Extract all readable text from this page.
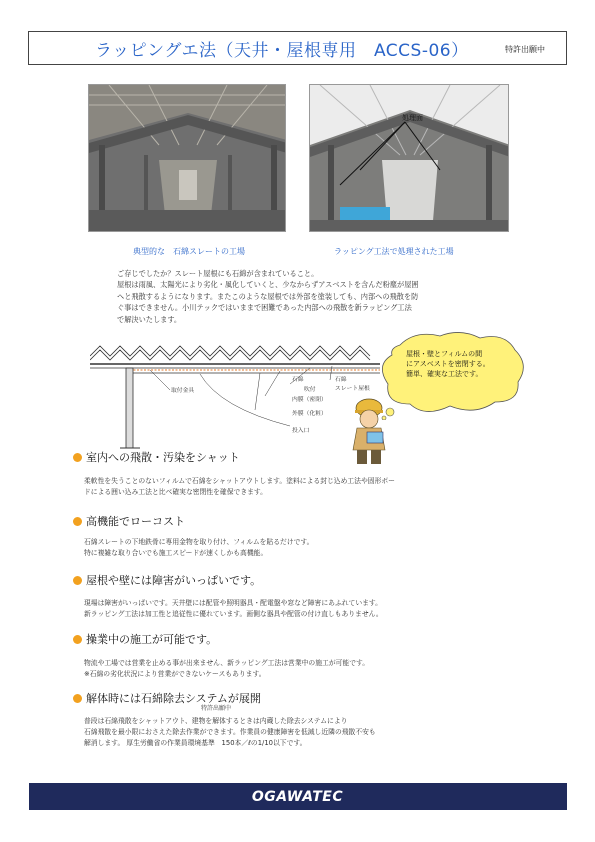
ラッピングエ法（天井・屋根専用　ACCS-06）	特許出願中
処理面
典型的な　石綿スレートの工場	ラッピング工法で処理された工場
ご存じでしたか？スレート屋根にも石綿が含まれていること。
屋根は雨風、太陽光により劣化・風化していくと、少なからずアスベストを含んだ粉塵が屋囲
へと飛散するようになります。またこのような屋根では外部を塗装しても、内部への飛散を防
ぐ事はできません。小川テックではいままで困難であった内部への飛散を新ラッピング工法
で解決いたします。
取付金具
石綿
吹付
石綿
スレート屋根
内膜（密閉）
外膜（化粧）
投入口
屋根・壁とフィルムの間
にアスベストを密閉する。
簡単、確実な工法です。
室内への飛散・汚染をシャット
柔軟性を失うことのないフィルムで石綿をシャットアウトします。塗料による封じ込め工法や固形ボー
ドによる囲い込み工法と比べ確実な密閉性を確保できます。
高機能でローコスト
石綿スレートの下地鉄骨に専用金物を取り付け、フィルムを貼るだけです。
特に複雑な取り合いでも施工スピードが速くしかも高機能。
屋根や壁には障害がいっぱいです。
現場は障害がいっぱいです。天井壁には配管や照明器具・配電盤や窓など障害にあふれています。
新ラッピング工法は加工性と追従性に優れています。画側な器具や配管の付け直しもありません。
操業中の施工が可能です。
物流や工場では営業を止める事が出来ません、新ラッピング工法は営業中の施工が可能です。
※石綿の劣化状況により営業ができないケースもあります。
解体時には石綿除去システムが展開
特許出願中
普段は石綿飛散をシャットアウト、建物を解体するときは内蔵した除去システムにより
石綿飛散を最小限におさえた除去作業ができます。作業員の健康障害を低減し近隣の飛散不安も
解消します。 厚生労働省の作業員環境基準　150本／ℓの1/10以下です。
OGAWATEC
